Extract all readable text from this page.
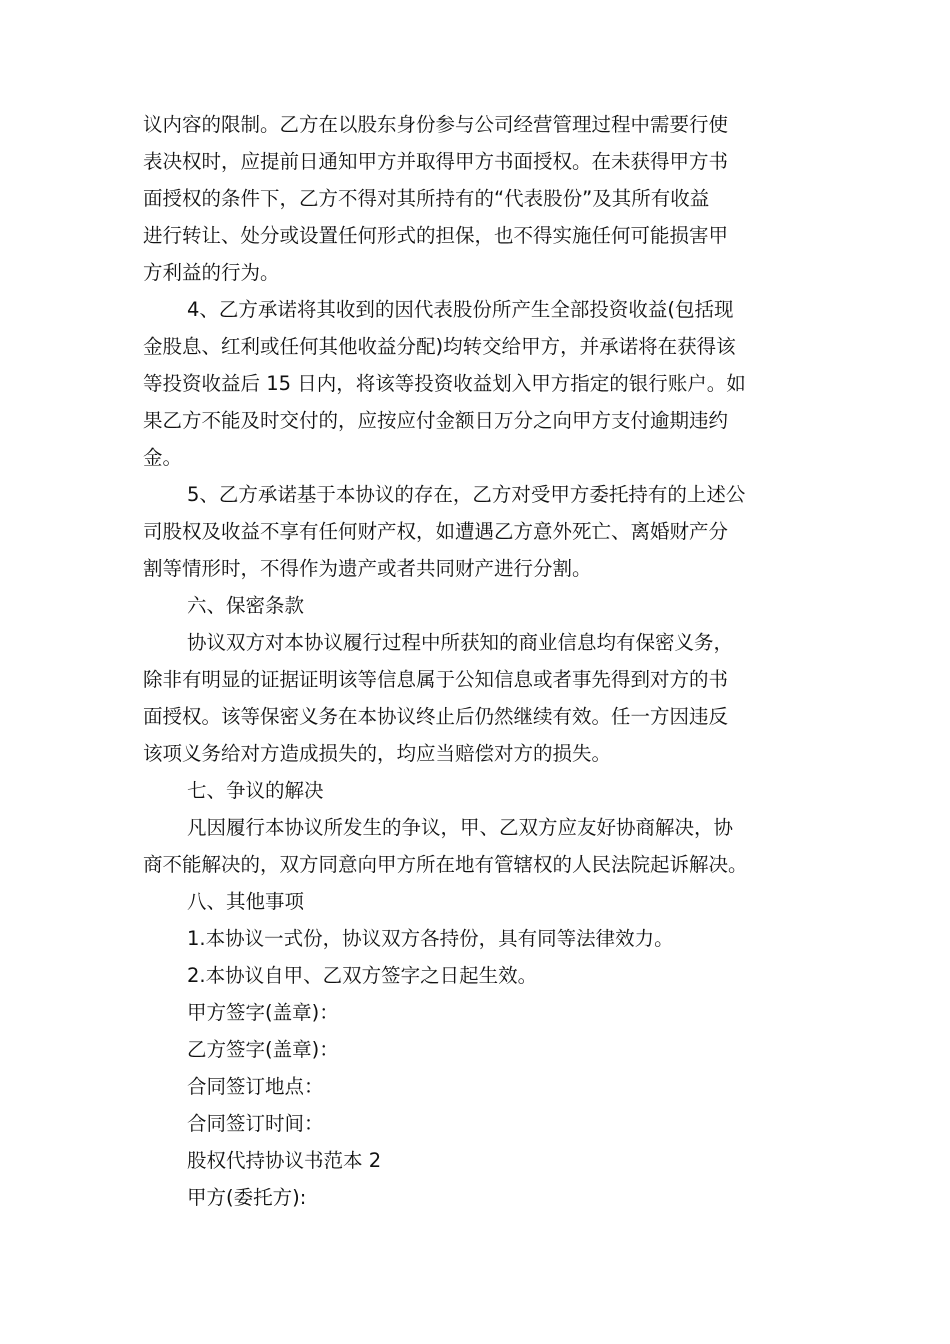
议内容的限制。乙方在以股东身份参与公司经营管理过程中需要行使
表决权时，应提前日通知甲方并取得甲方书面授权。在未获得甲方书
面授权的条件下，乙方不得对其所持有的“代表股份”及其所有收益
进行转让、处分或设置任何形式的担保，也不得实施任何可能损害甲
方利益的行为。
4、乙方承诺将其收到的因代表股份所产生全部投资收益(包括现
金股息、红利或任何其他收益分配)均转交给甲方，并承诺将在获得该
等投资收益后 15 日内，将该等投资收益划入甲方指定的银行账户。如
果乙方不能及时交付的，应按应付金额日万分之向甲方支付逾期违约
金。
5、乙方承诺基于本协议的存在，乙方对受甲方委托持有的上述公
司股权及收益不享有任何财产权，如遭遇乙方意外死亡、离婚财产分
割等情形时，不得作为遗产或者共同财产进行分割。
六、保密条款
协议双方对本协议履行过程中所获知的商业信息均有保密义务，
除非有明显的证据证明该等信息属于公知信息或者事先得到对方的书
面授权。该等保密义务在本协议终止后仍然继续有效。任一方因违反
该项义务给对方造成损失的，均应当赔偿对方的损失。
七、争议的解决
凡因履行本协议所发生的争议，甲、乙双方应友好协商解决，协
商不能解决的，双方同意向甲方所在地有管辖权的人民法院起诉解决。
八、其他事项
1.本协议一式份，协议双方各持份，具有同等法律效力。
2.本协议自甲、乙双方签字之日起生效。
甲方签字(盖章)：
乙方签字(盖章)：
合同签订地点：
合同签订时间：
股权代持协议书范本 2
甲方(委托方):
